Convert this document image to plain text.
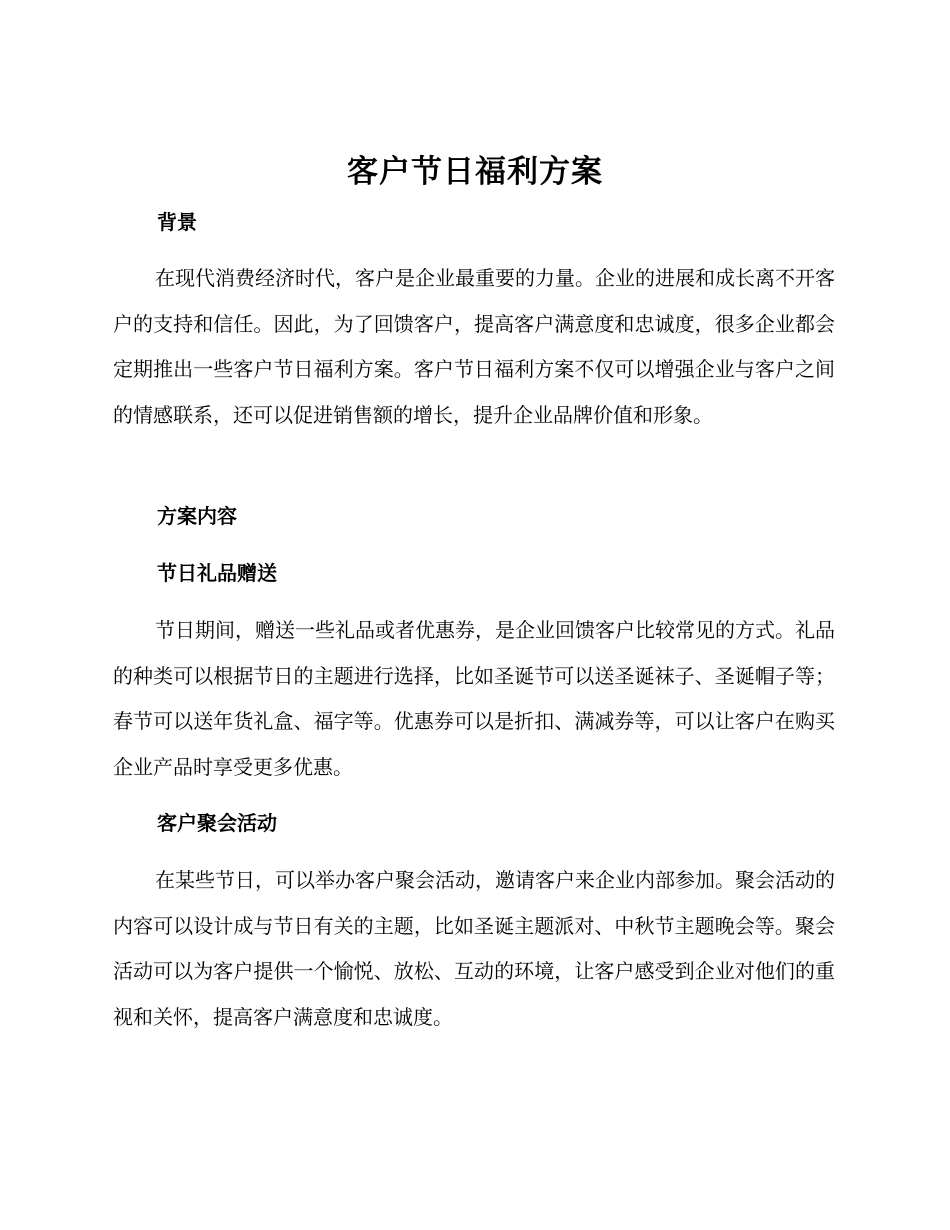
客户节日福利方案
背景
在现代消费经济时代，客户是企业最重要的力量。企业的进展和成长离不开客户的支持和信任。因此，为了回馈客户，提高客户满意度和忠诚度，很多企业都会定期推出一些客户节日福利方案。客户节日福利方案不仅可以增强企业与客户之间的情感联系，还可以促进销售额的增长，提升企业品牌价值和形象。
方案内容
节日礼品赠送
节日期间，赠送一些礼品或者优惠券，是企业回馈客户比较常见的方式。礼品的种类可以根据节日的主题进行选择，比如圣诞节可以送圣诞袜子、圣诞帽子等；春节可以送年货礼盒、福字等。优惠券可以是折扣、满减券等，可以让客户在购买企业产品时享受更多优惠。
客户聚会活动
在某些节日，可以举办客户聚会活动，邀请客户来企业内部参加。聚会活动的内容可以设计成与节日有关的主题，比如圣诞主题派对、中秋节主题晚会等。聚会活动可以为客户提供一个愉悦、放松、互动的环境，让客户感受到企业对他们的重视和关怀，提高客户满意度和忠诚度。
